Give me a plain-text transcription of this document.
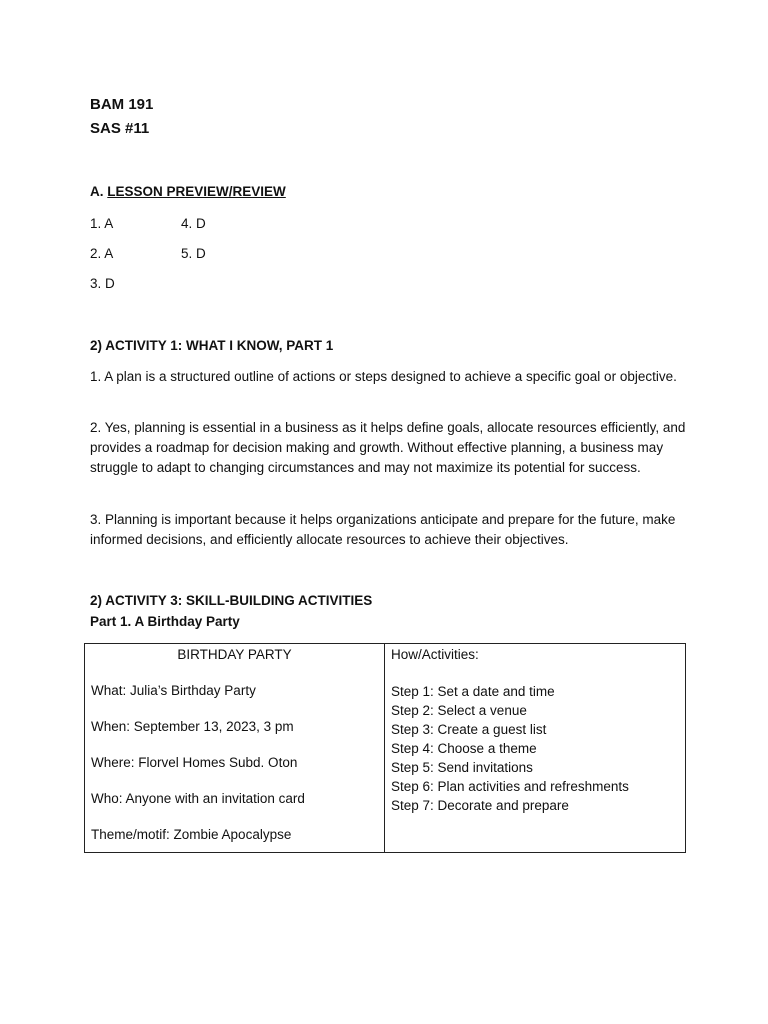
BAM 191
SAS #11
A. LESSON PREVIEW/REVIEW
1. A	4. D
2. A	5. D
3. D
2) ACTIVITY 1: WHAT I KNOW, PART 1
1. A plan is a structured outline of actions or steps designed to achieve a specific goal or objective.
2. Yes, planning is essential in a business as it helps define goals, allocate resources efficiently, and provides a roadmap for decision making and growth. Without effective planning, a business may struggle to adapt to changing circumstances and may not maximize its potential for success.
3. Planning is important because it helps organizations anticipate and prepare for the future, make informed decisions, and efficiently allocate resources to achieve their objectives.
2) ACTIVITY 3: SKILL-BUILDING ACTIVITIES
Part 1. A Birthday Party
BIRTHDAY PARTY
What: Julia’s Birthday Party
When: September 13, 2023, 3 pm
Where: Florvel Homes Subd. Oton
Who: Anyone with an invitation card
Theme/motif: Zombie Apocalypse

How/Activities:
Step 1: Set a date and time
Step 2: Select a venue
Step 3: Create a guest list
Step 4: Choose a theme
Step 5: Send invitations
Step 6: Plan activities and refreshments
Step 7: Decorate and prepare
